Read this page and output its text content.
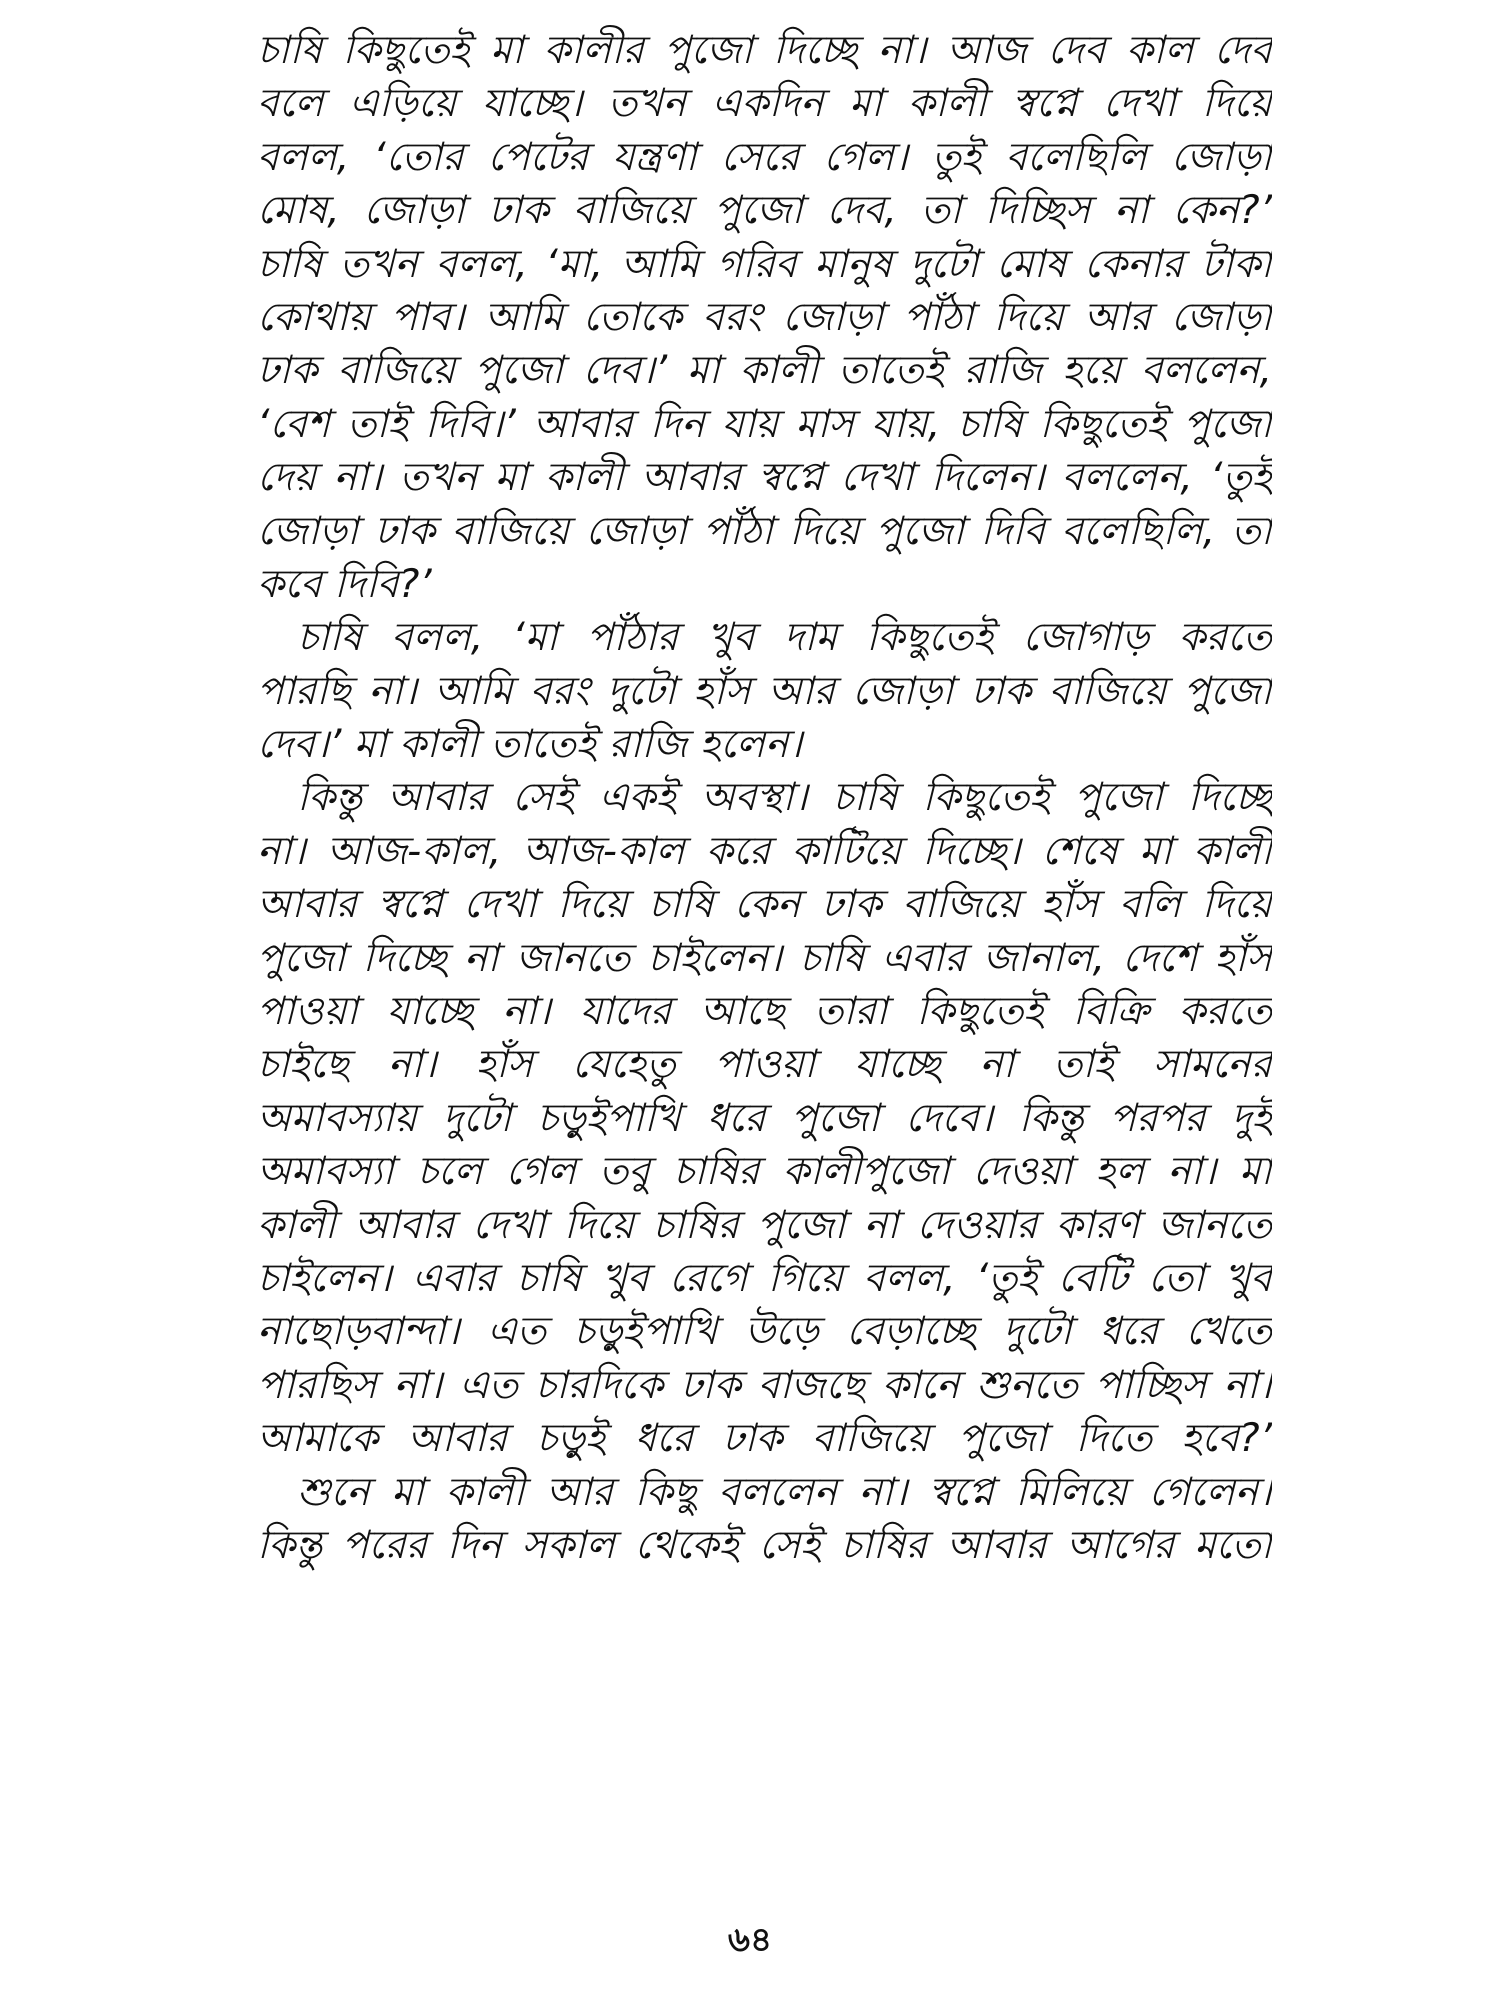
চাষি কিছুতেই মা কালীর পুজো দিচ্ছে না। আজ দেব কাল দেব
বলে এড়িয়ে যাচ্ছে। তখন একদিন মা কালী স্বপ্নে দেখা দিয়ে
বলল, ‘তোর পেটের যন্ত্রণা সেরে গেল। তুই বলেছিলি জোড়া
মোষ, জোড়া ঢাক বাজিয়ে পুজো দেব, তা দিচ্ছিস না কেন?’
চাষি তখন বলল, ‘মা, আমি গরিব মানুষ দুটো মোষ কেনার টাকা
কোথায় পাব। আমি তোকে বরং জোড়া পাঁঠা দিয়ে আর জোড়া
ঢাক বাজিয়ে পুজো দেব।’ মা কালী তাতেই রাজি হয়ে বললেন,
‘বেশ তাই দিবি।’ আবার দিন যায় মাস যায়, চাষি কিছুতেই পুজো
দেয় না। তখন মা কালী আবার স্বপ্নে দেখা দিলেন। বললেন, ‘তুই
জোড়া ঢাক বাজিয়ে জোড়া পাঁঠা দিয়ে পুজো দিবি বলেছিলি, তা
কবে দিবি?’
চাষি বলল, ‘মা পাঁঠার খুব দাম কিছুতেই জোগাড় করতে
পারছি না। আমি বরং দুটো হাঁস আর জোড়া ঢাক বাজিয়ে পুজো
দেব।’ মা কালী তাতেই রাজি হলেন।
কিন্তু আবার সেই একই অবস্থা। চাষি কিছুতেই পুজো দিচ্ছে
না। আজ-কাল, আজ-কাল করে কাটিয়ে দিচ্ছে। শেষে মা কালী
আবার স্বপ্নে দেখা দিয়ে চাষি কেন ঢাক বাজিয়ে হাঁস বলি দিয়ে
পুজো দিচ্ছে না জানতে চাইলেন। চাষি এবার জানাল, দেশে হাঁস
পাওয়া যাচ্ছে না। যাদের আছে তারা কিছুতেই বিক্রি করতে
চাইছে না। হাঁস যেহেতু পাওয়া যাচ্ছে না তাই সামনের
অমাবস্যায় দুটো চড়ুইপাখি ধরে পুজো দেবে। কিন্তু পরপর দুই
অমাবস্যা চলে গেল তবু চাষির কালীপুজো দেওয়া হল না। মা
কালী আবার দেখা দিয়ে চাষির পুজো না দেওয়ার কারণ জানতে
চাইলেন। এবার চাষি খুব রেগে গিয়ে বলল, ‘তুই বেটি তো খুব
নাছোড়বান্দা। এত চড়ুইপাখি উড়ে বেড়াচ্ছে দুটো ধরে খেতে
পারছিস না। এত চারদিকে ঢাক বাজছে কানে শুনতে পাচ্ছিস না।
আমাকে আবার চড়ুই ধরে ঢাক বাজিয়ে পুজো দিতে হবে?’
শুনে মা কালী আর কিছু বললেন না। স্বপ্নে মিলিয়ে গেলেন।
কিন্তু পরের দিন সকাল থেকেই সেই চাষির আবার আগের মতো
৬৪
